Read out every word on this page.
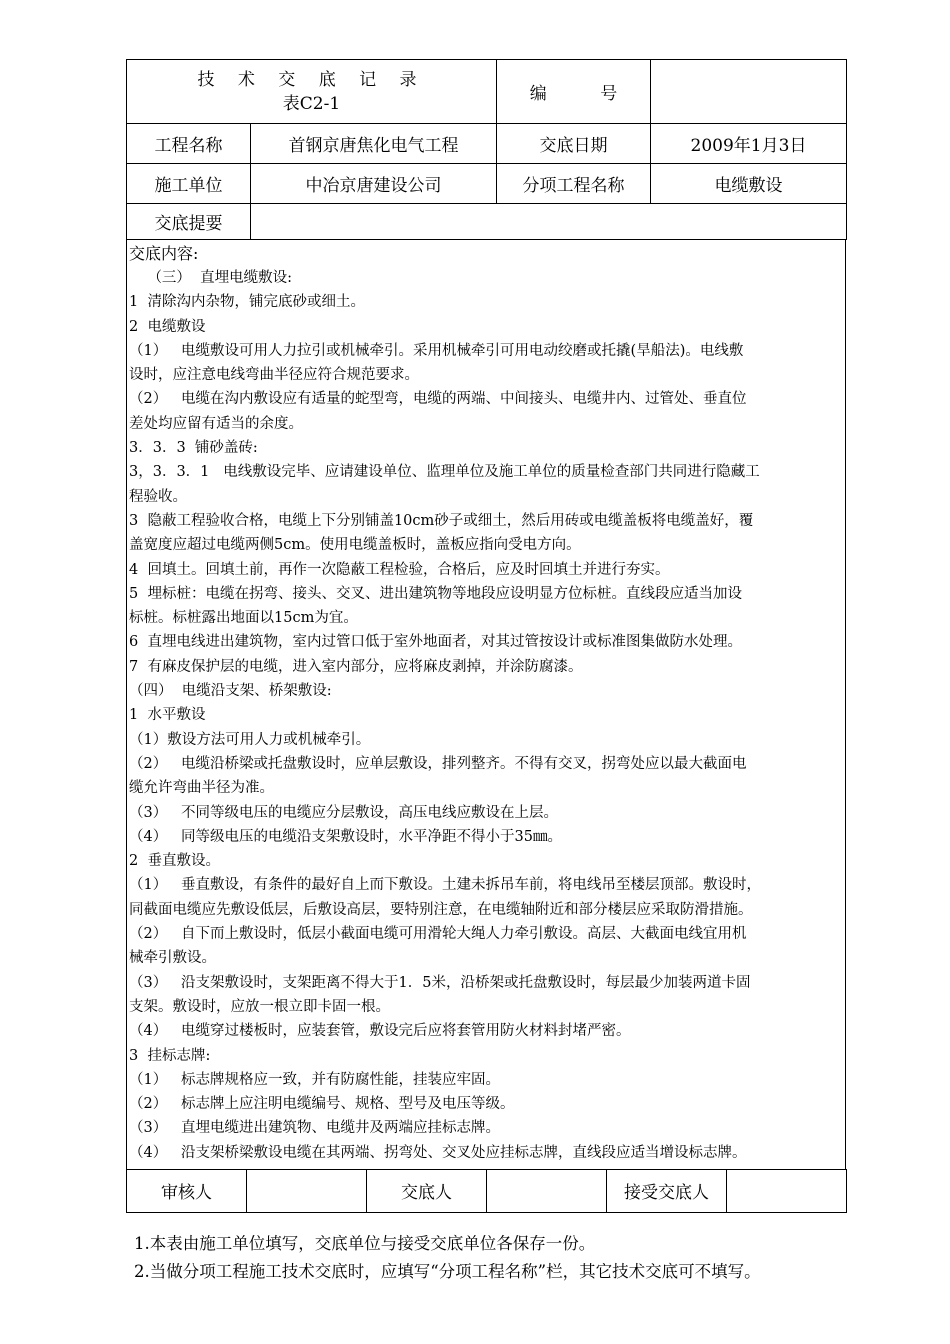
技 术 交 底 记 录
表C2-1		编 号	
工程名称	首钢京唐焦化电气工程	交底日期	2009年1月3日
施工单位	中冶京唐建设公司	分项工程名称	电缆敷设
交底提要			
交底内容:
（三）  直埋电缆敷设:
1  清除沟内杂物，铺完底砂或细土。
2  电缆敷设
（1）   电缆敷设可用人力拉引或机械牵引。采用机械牵引可用电动绞磨或托撬(旱船法)。电线敷
设时，应注意电线弯曲半径应符合规范要求。
（2）   电缆在沟内敷设应有适量的蛇型弯，电缆的两端、中间接头、电缆井内、过管处、垂直位
差处均应留有适当的余度。
3．3．3  铺砂盖砖:
3，3．3．1   电线敷设完毕、应请建设单位、监理单位及施工单位的质量检查部门共同进行隐藏工
程验收。
3  隐蔽工程验收合格，电缆上下分别铺盖10cm砂子或细土，然后用砖或电缆盖板将电缆盖好，覆
盖宽度应超过电缆两侧5cm。使用电缆盖板时，盖板应指向受电方向。
4  回填土。回填土前，再作一次隐蔽工程检验，合格后，应及时回填土并进行夯实。
5  埋标桩：电缆在拐弯、接头、交叉、进出建筑物等地段应设明显方位标桩。直线段应适当加设
标桩。标桩露出地面以15cm为宜。
6  直埋电线进出建筑物，室内过管口低于室外地面者，对其过管按设计或标准图集做防水处理。
7  有麻皮保护层的电缆，进入室内部分，应将麻皮剥掉，并涂防腐漆。
（四）  电缆沿支架、桥架敷设:
1  水平敷设
（1）敷设方法可用人力或机械牵引。
（2）   电缆沿桥梁或托盘敷设时，应单层敷设，排列整齐。不得有交叉，拐弯处应以最大截面电
缆允许弯曲半径为准。
（3）   不同等级电压的电缆应分层敷设，高压电线应敷设在上层。
（4）   同等级电压的电缆沿支架敷设时，水平净距不得小于35㎜。
2  垂直敷设。
（1）   垂直敷设，有条件的最好自上而下敷设。土建未拆吊车前，将电线吊至楼层顶部。敷设时，
同截面电缆应先敷设低层，后敷设高层，要特别注意，在电缆轴附近和部分楼层应采取防滑措施。
（2）   自下而上敷设时，低层小截面电缆可用滑轮大绳人力牵引敷设。高层、大截面电线宜用机
械牵引敷设。
（3）   沿支架敷设时，支架距离不得大于1．5米，沿桥架或托盘敷设时，每层最少加装两道卡固
支架。敷设时，应放一根立即卡固一根。
（4）   电缆穿过楼板时，应装套管，敷设完后应将套管用防火材料封堵严密。
3  挂标志牌:
（1）   标志牌规格应一致，并有防腐性能，挂装应牢固。
（2）   标志牌上应注明电缆编号、规格、型号及电压等级。
（3）   直埋电缆进出建筑物、电缆井及两端应挂标志牌。
（4）   沿支架桥梁敷设电缆在其两端、拐弯处、交叉处应挂标志牌，直线段应适当增设标志牌。
审核人		交底人		接受交底人	
1.本表由施工单位填写，交底单位与接受交底单位各保存一份。
2.当做分项工程施工技术交底时，应填写“分项工程名称”栏，其它技术交底可不填写。
